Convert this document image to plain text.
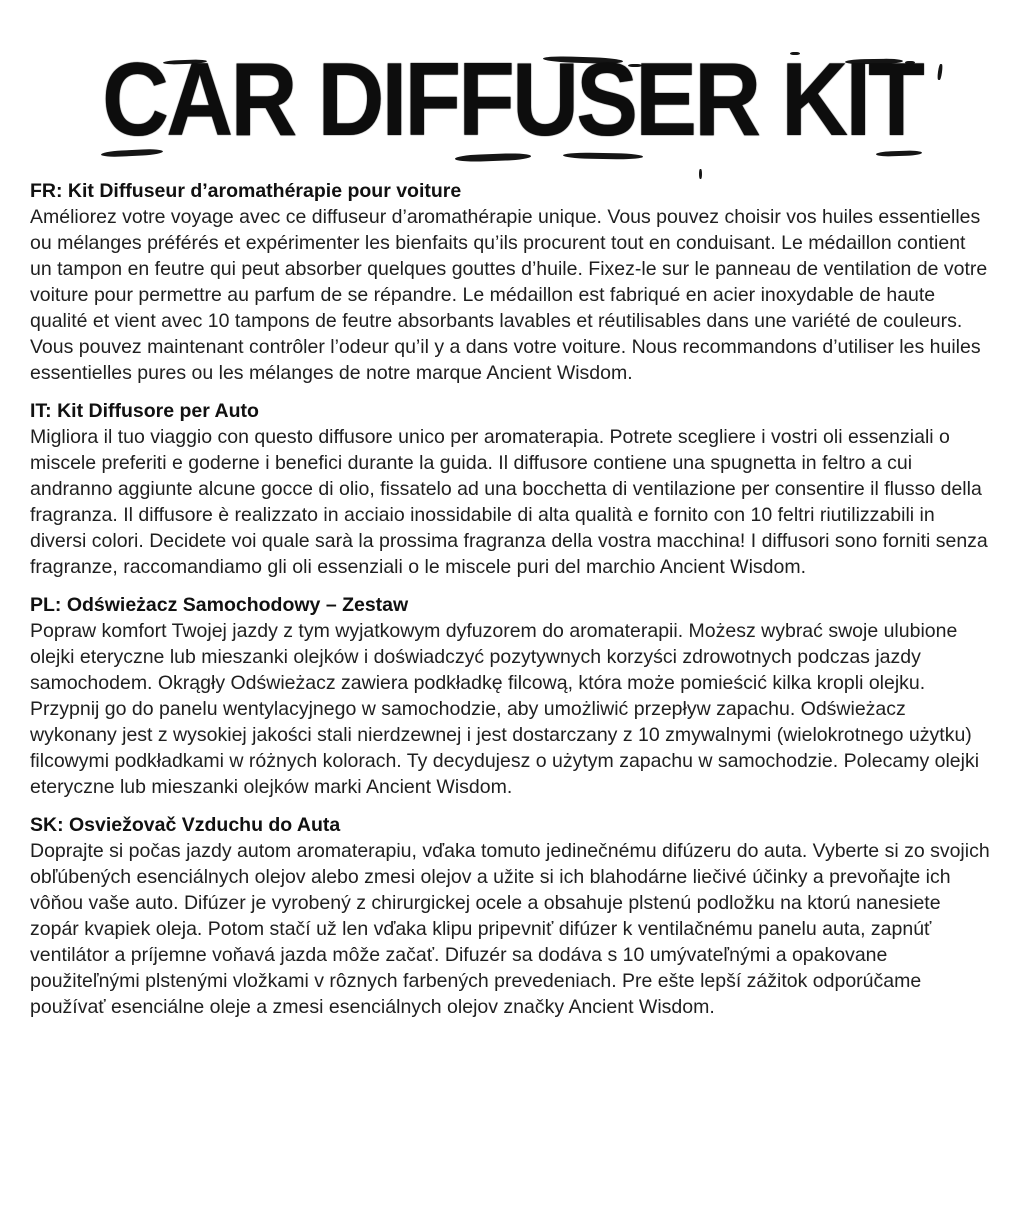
CAR DIFFUSER KIT
FR: Kit Diffuseur d’aromathérapie pour voiture

Améliorez votre voyage avec ce diffuseur d’aromathérapie unique. Vous pouvez choisir vos huiles essentielles ou mélanges préférés et expérimenter les bienfaits qu’ils procurent tout en conduisant. Le médaillon contient un tampon en feutre qui peut absorber quelques gouttes d’huile. Fixez-le sur le panneau de ventilation de votre voiture pour permettre au parfum de se répandre. Le médaillon est fabriqué en acier inoxydable de haute qualité et vient avec 10 tampons de feutre absorbants lavables et réutilisables dans une variété de couleurs. Vous pouvez maintenant contrôler l’odeur qu’il y a dans votre voiture. Nous recommandons d’utiliser les huiles essentielles pures ou les mélanges de notre marque Ancient Wisdom.

IT: Kit Diffusore per Auto

Migliora il tuo viaggio con questo diffusore unico per aromaterapia. Potrete scegliere i vostri oli essenziali o miscele preferiti e goderne i benefici durante la guida. Il diffusore contiene una spugnetta in feltro a cui andranno aggiunte alcune gocce di olio, fissatelo ad una bocchetta di ventilazione per consentire il flusso della fragranza. Il diffusore è realizzato in acciaio inossidabile di alta qualità e fornito con 10 feltri riutilizzabili in diversi colori. Decidete voi quale sarà la prossima fragranza della vostra macchina! I diffusori sono forniti senza fragranze, raccomandiamo gli oli essenziali o le miscele puri del marchio Ancient Wisdom.

PL: Odświeżacz Samochodowy – Zestaw

Popraw komfort Twojej jazdy z tym wyjatkowym dyfuzorem do aromaterapii. Możesz wybrać swoje ulubione olejki eteryczne lub mieszanki olejków i doświadczyć pozytywnych korzyści zdrowotnych podczas jazdy samochodem. Okrągły Odświeżacz zawiera podkładkę filcową, która może pomieścić kilka kropli olejku. Przypnij go do panelu wentylacyjnego w samochodzie, aby umożliwić przepływ zapachu. Odświeżacz wykonany jest z wysokiej jakości stali nierdzewnej i jest dostarczany z 10 zmywalnymi (wielokrotnego użytku) filcowymi podkładkami w różnych kolorach. Ty decydujesz o użytym zapachu w samochodzie. Polecamy olejki eteryczne lub mieszanki olejków marki Ancient Wisdom.

SK: Osviežovač Vzduchu do Auta

Doprajte si počas jazdy autom aromaterapiu, vďaka tomuto jedinečnému difúzeru do auta. Vyberte si zo svojich obľúbených esenciálnych olejov alebo zmesi olejov a užite si ich blahodárne liečivé účinky a prevoňajte ich vôňou vaše auto. Difúzer je vyrobený z chirurgickej ocele a obsahuje plstenú podložku na ktorú nanesiete zopár kvapiek oleja. Potom stačí už len vďaka klipu pripevniť difúzer k ventilačnému panelu auta, zapnúť ventilátor a príjemne voňavá jazda môže začať. Difuzér sa dodáva s 10 umývateľnými a opakovane použiteľnými plstenými vložkami v rôznych farbených prevedeniach. Pre ešte lepší zážitok odporúčame používať esenciálne oleje a zmesi esenciálnych olejov značky Ancient Wisdom.
